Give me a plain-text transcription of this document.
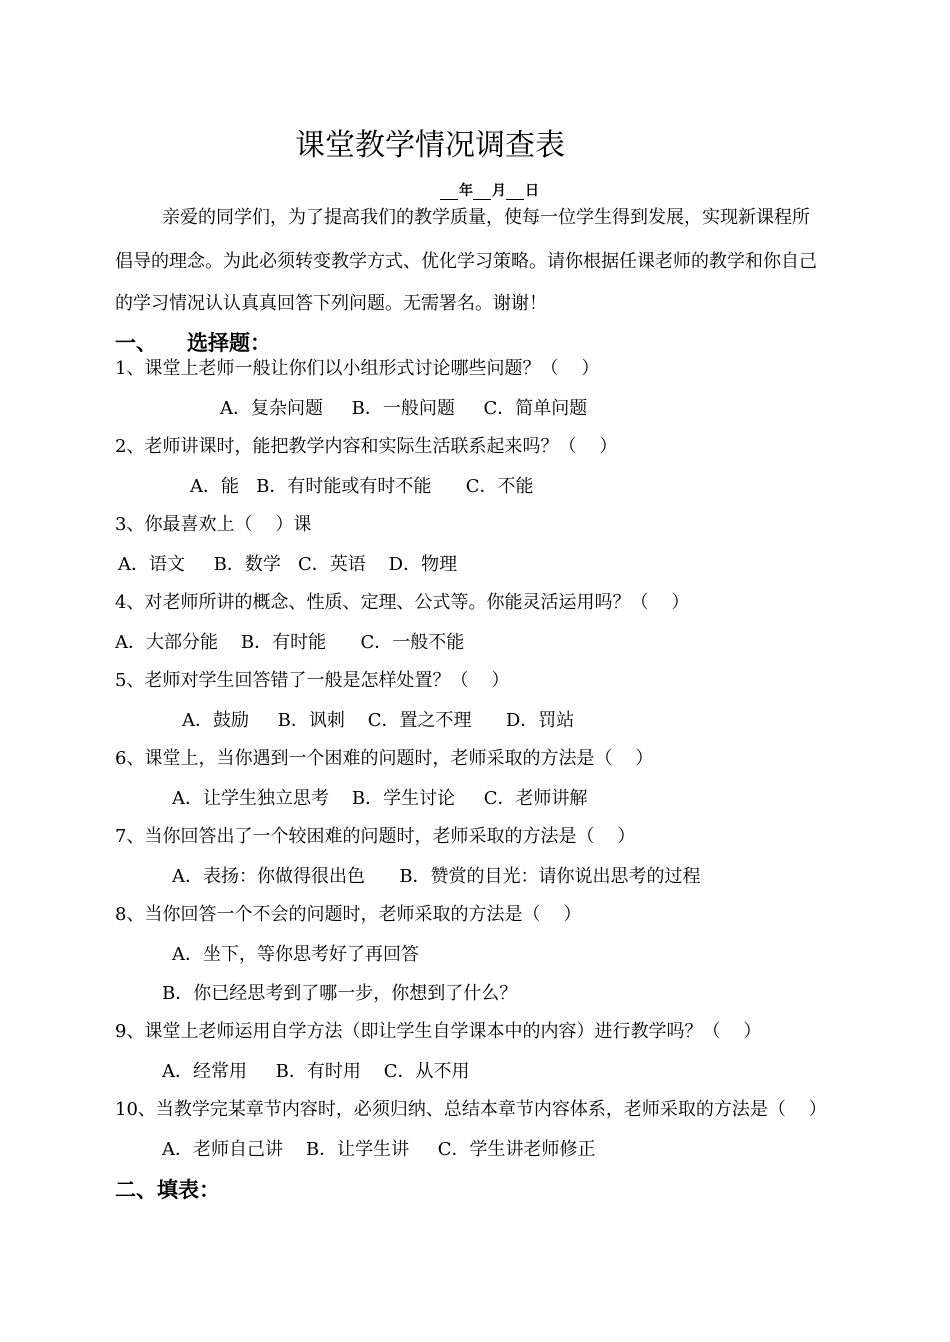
课堂教学情况调查表
年 月 日
亲爱的同学们，为了提高我们的教学质量，使每一位学生得到发展，实现新课程所
倡导的理念。为此必须转变教学方式、优化学习策略。请你根据任课老师的教学和你自己
的学习情况认认真真回答下列问题。无需署名。谢谢！
一、 选择题：
1、课堂上老师一般让你们以小组形式讨论哪些问题？（    ）
A．复杂问题     B．一般问题     C．简单问题
2、老师讲课时，能把教学内容和实际生活联系起来吗？（    ）
A．能   B．有时能或有时不能      C．不能
3、你最喜欢上（    ）课
A．语文     B．数学   C．英语    D．物理
4、对老师所讲的概念、性质、定理、公式等。你能灵活运用吗？（    ）
A．大部分能    B．有时能      C．一般不能
5、老师对学生回答错了一般是怎样处置？（    ）
A．鼓励     B．讽刺    C．置之不理      D．罚站
6、课堂上，当你遇到一个困难的问题时，老师采取的方法是（    ）
A．让学生独立思考    B．学生讨论     C．老师讲解
7、当你回答出了一个较困难的问题时，老师采取的方法是（    ）
A．表扬：你做得很出色      B．赞赏的目光：请你说出思考的过程
8、当你回答一个不会的问题时，老师采取的方法是（    ）
A．坐下，等你思考好了再回答
B．你已经思考到了哪一步，你想到了什么？
9、课堂上老师运用自学方法（即让学生自学课本中的内容）进行教学吗？（    ）
A．经常用     B．有时用    C．从不用
10、当教学完某章节内容时，必须归纳、总结本章节内容体系，老师采取的方法是（    ）
A．老师自己讲    B．让学生讲     C．学生讲老师修正
二、填表：
